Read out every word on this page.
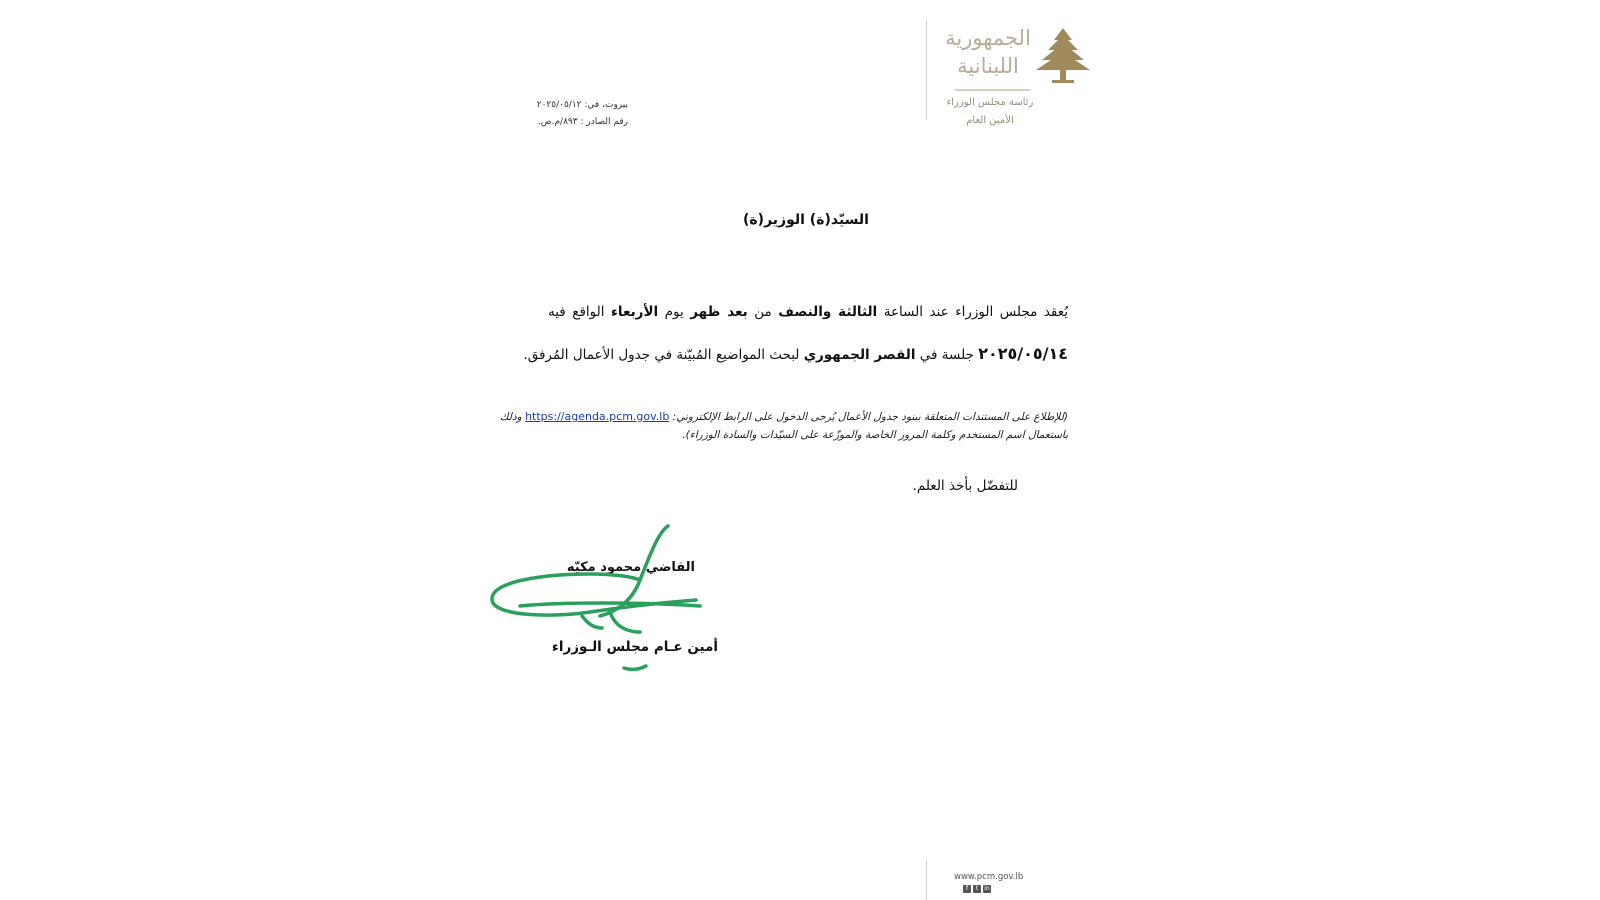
الجمهورية
اللبنانية
رئاسة مجلس الوزراء
الأمين العام
بيروت، في: ٢٠٢٥/٠٥/١٢
رقم الصادر : ٨٩٣/م.ص.
السيّد(ة) الوزير(ة)
يُعقد مجلس الوزراء عند الساعة الثالثة والنصف من بعد ظهر يوم الأربعاء الواقع فيه
٢٠٢٥/٠٥/١٤ جلسة في القصر الجمهوري لبحث المواضيع المُبيّنة في جدول الأعمال المُرفق.
(للإطلاع على المستندات المتعلقة ببنود جدول الأعمال يُرجى الدخول على الرابط الإلكتروني: https://agenda.pcm.gov.lb وذلك
باستعمال اسم المستخدم وكلمة المرور الخاصة والموزّعة على السيّدات والسادة الوزراء).
للتفضّل بأخذ العلم.
القاضي محمود مكيّه
أمين عـام مجلس الـوزراء
www.pcm.gov.lb
f	t	in
